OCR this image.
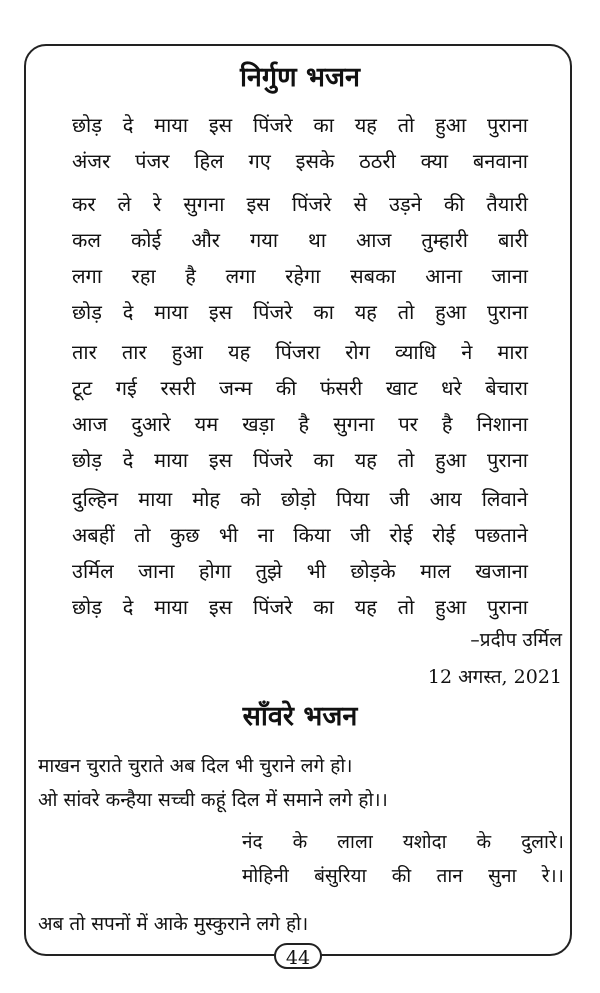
निर्गुण भजन
छोड़ दे माया इस पिंजरे का यह तो हुआ पुराना
अंजर पंजर हिल गए इसके ठठरी क्या बनवाना
कर ले रे सुगना इस पिंजरे से उड़ने की तैयारी
कल कोई और गया था आज तुम्हारी बारी
लगा रहा है लगा रहेगा सबका आना जाना
छोड़ दे माया इस पिंजरे का यह तो हुआ पुराना
तार तार हुआ यह पिंजरा रोग व्याधि ने मारा
टूट गई रसरी जन्म की फंसरी खाट धरे बेचारा
आज दुआरे यम खड़ा है सुगना पर है निशाना
छोड़ दे माया इस पिंजरे का यह तो हुआ पुराना
दुल्हिन माया मोह को छोड़ो पिया जी आय लिवाने
अबहीं तो कुछ भी ना किया जी रोई रोई पछताने
उर्मिल जाना होगा तुझे भी छोड़के माल खजाना
छोड़ दे माया इस पिंजरे का यह तो हुआ पुराना
–प्रदीप उर्मिल
12 अगस्त, 2021
साँवरे भजन
माखन चुराते चुराते अब दिल भी चुराने लगे हो।
ओ सांवरे कन्हैया सच्ची कहूं दिल में समाने लगे हो।।
नंद के लाला यशोदा के दुलारे।
मोहिनी बंसुरिया की तान सुना रे।।
अब तो सपनों में आके मुस्कुराने लगे हो।
44
